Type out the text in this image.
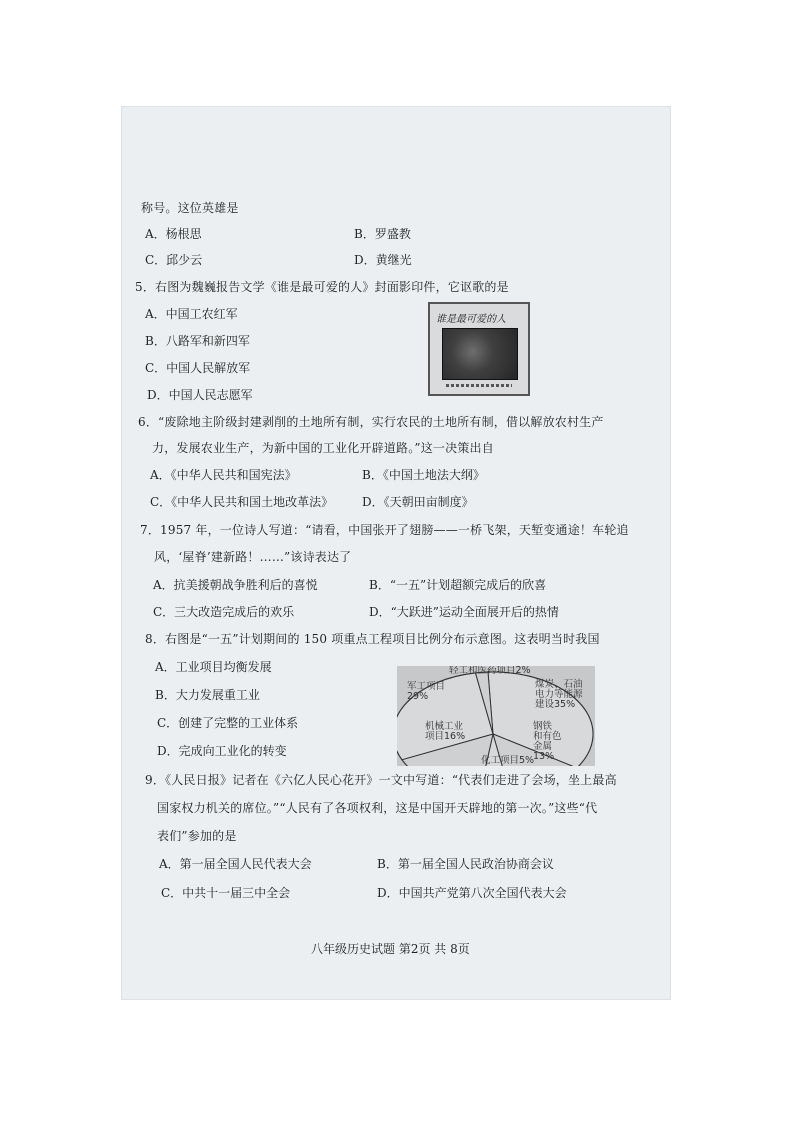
称号。这位英雄是
A．杨根思	B．罗盛教
C．邱少云	D．黄继光
5．右图为魏巍报告文学《谁是最可爱的人》封面影印件，它讴歌的是
A．中国工农红军
B．八路军和新四军
C．中国人民解放军
D．中国人民志愿军
谁是最可爱的人
6．“废除地主阶级封建剥削的土地所有制，实行农民的土地所有制，借以解放农村生产
力，发展农业生产，为新中国的工业化开辟道路。”这一决策出自
A．《中华人民共和国宪法》	B．《中国土地法大纲》
C．《中华人民共和国土地改革法》 D．《天朝田亩制度》
7．1957 年，一位诗人写道：“请看，中国张开了翅膀——一桥飞架，天堑变通途！车轮追
风，‘屋脊’建新路！……”该诗表达了
A．抗美援朝战争胜利后的喜悦	B．“一五”计划超额完成后的欣喜
C．三大改造完成后的欢乐	D．“大跃进”运动全面展开后的热情
8．右图是“一五”计划期间的 150 项重点工程项目比例分布示意图。这表明当时我国
A．工业项目均衡发展
B．大力发展重工业
C．创建了完整的工业体系
D．完成向工业化的转变
煤炭、石油
电力等能源
建设35%
钢铁
和有色
金属
13%
化工项目5%
机械工业
项目16%
军工项目
29%
轻工和医药项目2%
9．《人民日报》记者在《六亿人民心花开》一文中写道：“代表们走进了会场，坐上最高
国家权力机关的席位。”“人民有了各项权利，这是中国开天辟地的第一次。”这些“代
表们”参加的是
A．第一届全国人民代表大会	B．第一届全国人民政治协商会议
C．中共十一届三中全会	D．中国共产党第八次全国代表大会
八年级历史试题 第2页 共 8页
